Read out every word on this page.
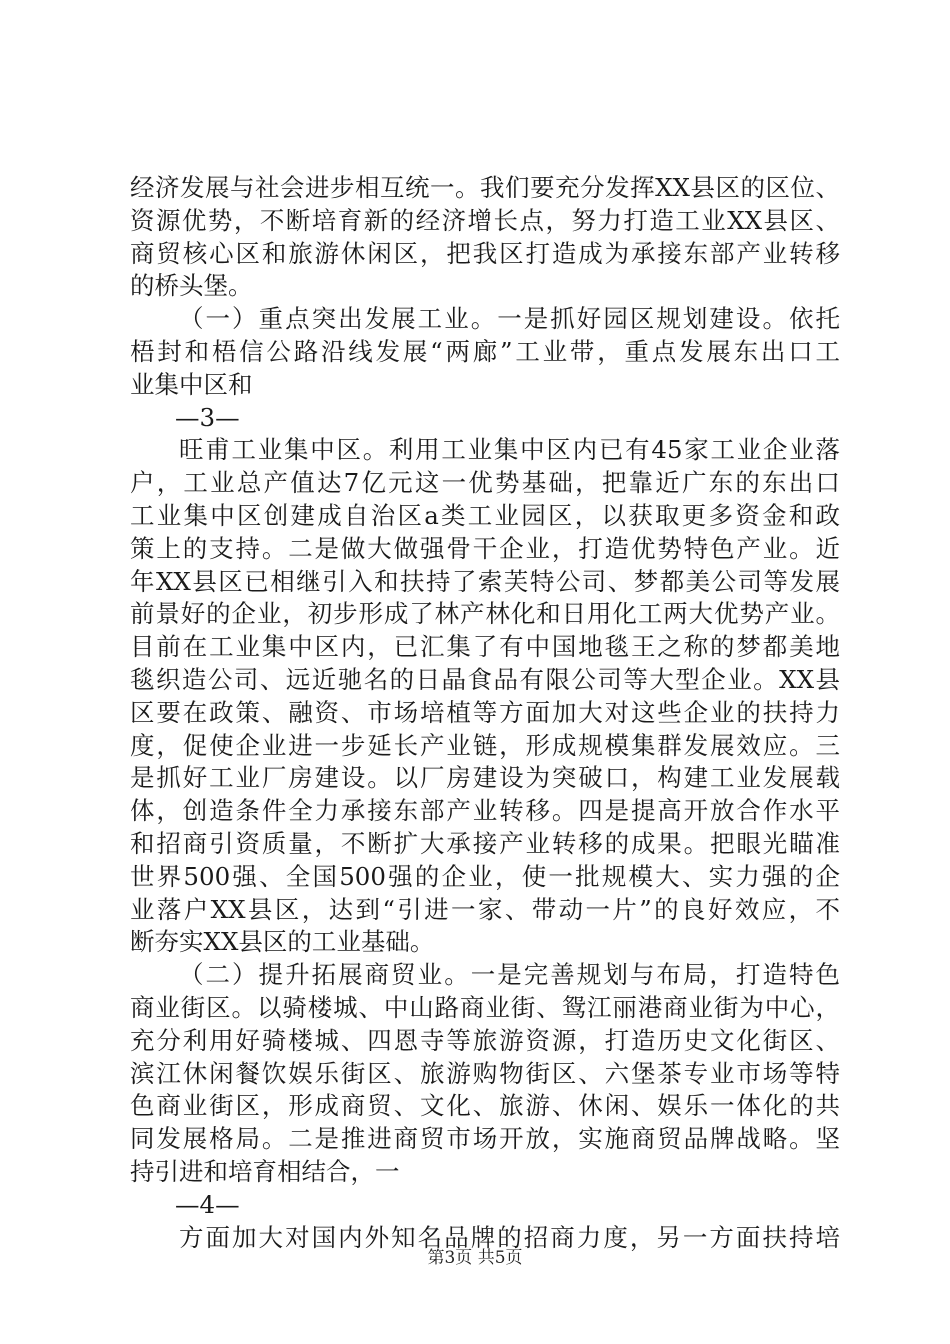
经济发展与社会进步相互统一。我们要充分发挥XX县区的区位、
资源优势，不断培育新的经济增长点，努力打造工业XX县区、
商贸核心区和旅游休闲区，把我区打造成为承接东部产业转移
的桥头堡。
（一）重点突出发展工业。一是抓好园区规划建设。依托
梧封和梧信公路沿线发展“两廊”工业带，重点发展东出口工
业集中区和
—3—
旺甫工业集中区。利用工业集中区内已有45家工业企业落
户，工业总产值达7亿元这一优势基础，把靠近广东的东出口
工业集中区创建成自治区a类工业园区，以获取更多资金和政
策上的支持。二是做大做强骨干企业，打造优势特色产业。近
年XX县区已相继引入和扶持了索芙特公司、梦都美公司等发展
前景好的企业，初步形成了林产林化和日用化工两大优势产业。
目前在工业集中区内，已汇集了有中国地毯王之称的梦都美地
毯织造公司、远近驰名的日晶食品有限公司等大型企业。XX县
区要在政策、融资、市场培植等方面加大对这些企业的扶持力
度，促使企业进一步延长产业链，形成规模集群发展效应。三
是抓好工业厂房建设。以厂房建设为突破口，构建工业发展载
体，创造条件全力承接东部产业转移。四是提高开放合作水平
和招商引资质量，不断扩大承接产业转移的成果。把眼光瞄准
世界500强、全国500强的企业，使一批规模大、实力强的企
业落户XX县区，达到“引进一家、带动一片”的良好效应，不
断夯实XX县区的工业基础。
（二）提升拓展商贸业。一是完善规划与布局，打造特色
商业街区。以骑楼城、中山路商业街、鸳江丽港商业街为中心，
充分利用好骑楼城、四恩寺等旅游资源，打造历史文化街区、
滨江休闲餐饮娱乐街区、旅游购物街区、六堡茶专业市场等特
色商业街区，形成商贸、文化、旅游、休闲、娱乐一体化的共
同发展格局。二是推进商贸市场开放，实施商贸品牌战略。坚
持引进和培育相结合，一
—4—
方面加大对国内外知名品牌的招商力度，另一方面扶持培
第3页 共5页
